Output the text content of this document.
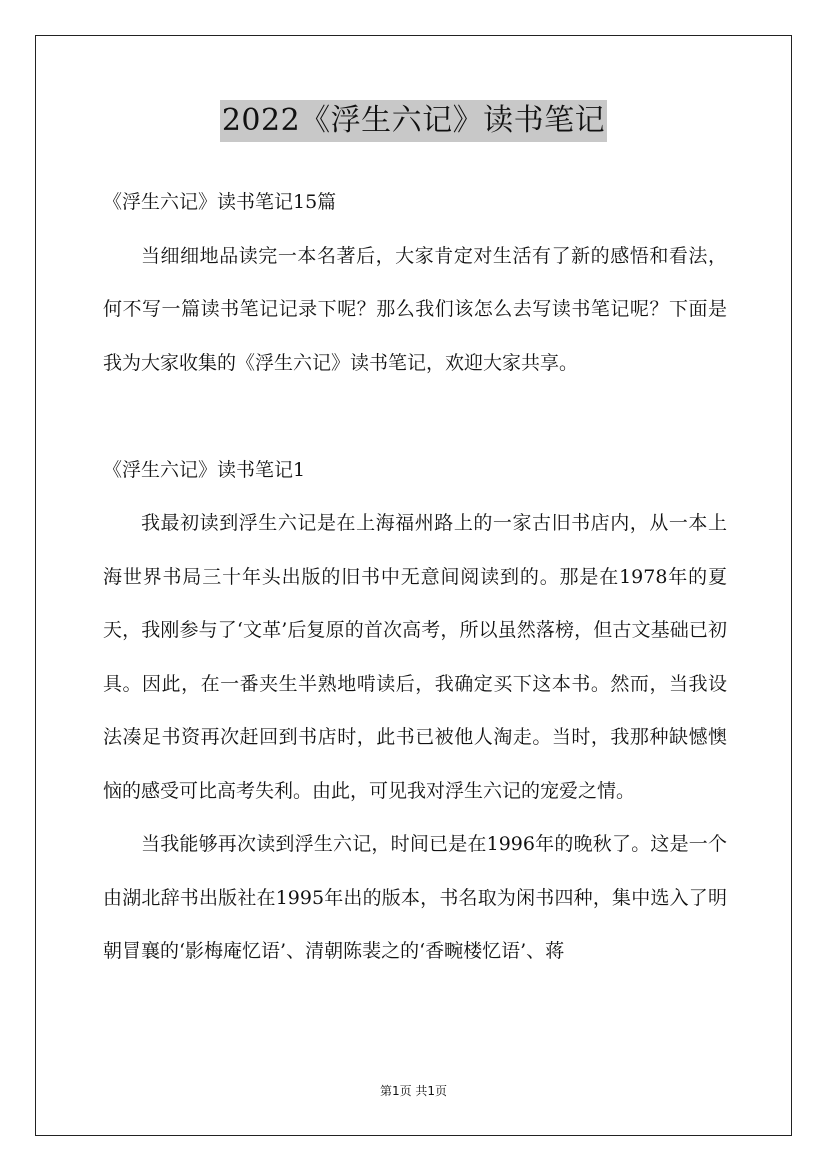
2022《浮生六记》读书笔记

《浮生六记》读书笔记15篇

当细细地品读完一本名著后，大家肯定对生活有了新的感悟和看法，何不写一篇读书笔记记录下呢？那么我们该怎么去写读书笔记呢？下面是我为大家收集的《浮生六记》读书笔记，欢迎大家共享。

《浮生六记》读书笔记1

我最初读到浮生六记是在上海福州路上的一家古旧书店内，从一本上海世界书局三十年头出版的旧书中无意间阅读到的。那是在1978年的夏天，我刚参与了‘文革’后复原的首次高考，所以虽然落榜，但古文基础已初具。因此，在一番夹生半熟地啃读后，我确定买下这本书。然而，当我设法凑足书资再次赶回到书店时，此书已被他人淘走。当时，我那种缺憾懊恼的感受可比高考失利。由此，可见我对浮生六记的宠爱之情。

当我能够再次读到浮生六记，时间已是在1996年的晚秋了。这是一个由湖北辞书出版社在1995年出的版本，书名取为闲书四种，集中选入了明朝冒襄的‘影梅庵忆语’、清朝陈裴之的‘香畹楼忆语’、蒋

第1页 共1页
